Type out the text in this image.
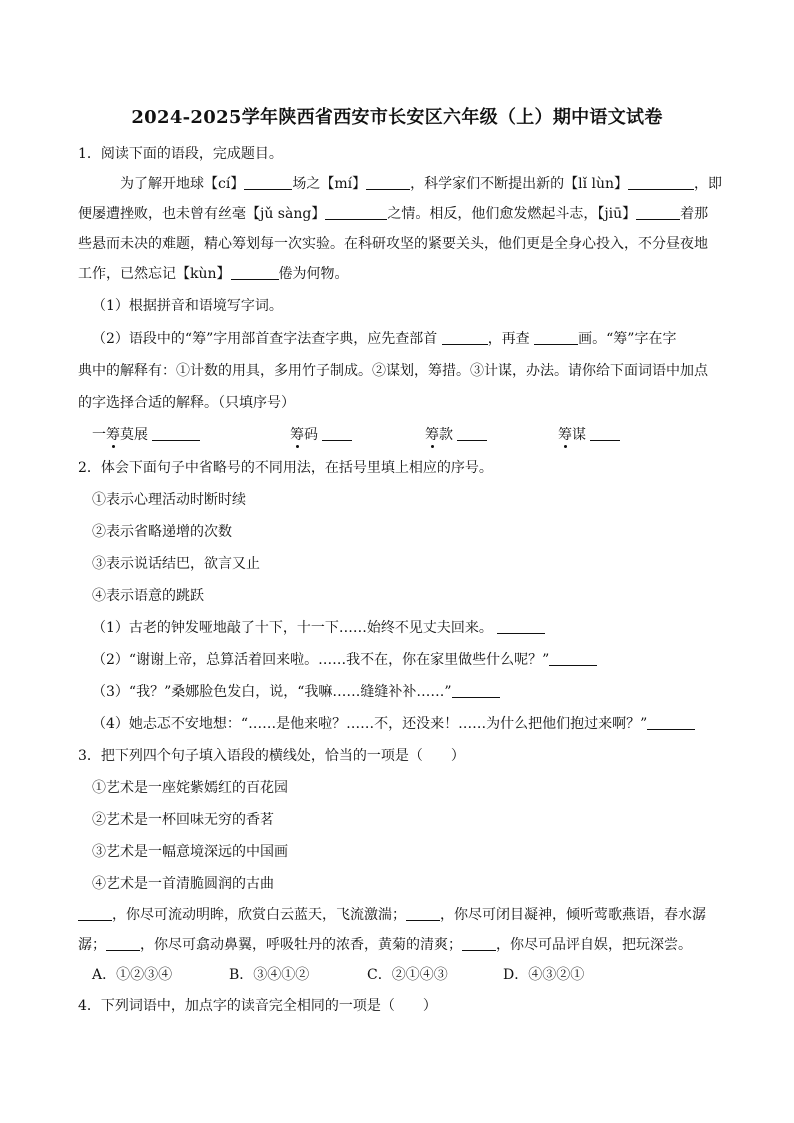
2024-2025学年陕西省西安市长安区六年级（上）期中语文试卷
1．阅读下面的语段，完成题目。
为了解开地球【cí】	场之【mí】	，科学家们不断提出新的【lǐ lùn】	，即
便屡遭挫败，也未曾有丝毫【jǔ sàng】	之情。相反，他们愈发燃起斗志，【jiū】	着那
些悬而未决的难题，精心筹划每一次实验。在科研攻坚的紧要关头，他们更是全身心投入，不分昼夜地
工作，已然忘记【kùn】	倦为何物。
（1）根据拼音和语境写字词。
（2）语段中的“筹”字用部首查字法查字典，应先查部首	，再查	画。“筹”字在字
典中的解释有：①计数的用具，多用竹子制成。②谋划，筹措。③计谋，办法。请你给下面词语中加点
的字选择合适的解释。（只填序号）
一筹莫展	筹码	筹款	筹谋
2．体会下面句子中省略号的不同用法，在括号里填上相应的序号。
①表示心理活动时断时续
②表示省略递增的次数
③表示说话结巴，欲言又止
④表示语意的跳跃
（1）古老的钟发哑地敲了十下，十一下……始终不见丈夫回来。
（2）“谢谢上帝，总算活着回来啦。……我不在，你在家里做些什么呢？”
（3）“我？”桑娜脸色发白，说，“我嘛……缝缝补补……”
（4）她忐忑不安地想：“……是他来啦？……不，还没来！……为什么把他们抱过来啊？”
3．把下列四个句子填入语段的横线处，恰当的一项是（　　）
①艺术是一座姹紫嫣红的百花园
②艺术是一杯回味无穷的香茗
③艺术是一幅意境深远的中国画
④艺术是一首清脆圆润的古曲
，你尽可流动明眸，欣赏白云蓝天，飞流激湍； ，你尽可闭目凝神，倾听莺歌燕语，春水潺
潺； ，你尽可翕动鼻翼，呼吸牡丹的浓香，黄菊的清爽； ，你尽可品评自娱，把玩深尝。
A．①②③④	B．③④①②	C．②①④③	D．④③②①
4．下列词语中，加点字的读音完全相同的一项是（　　）
